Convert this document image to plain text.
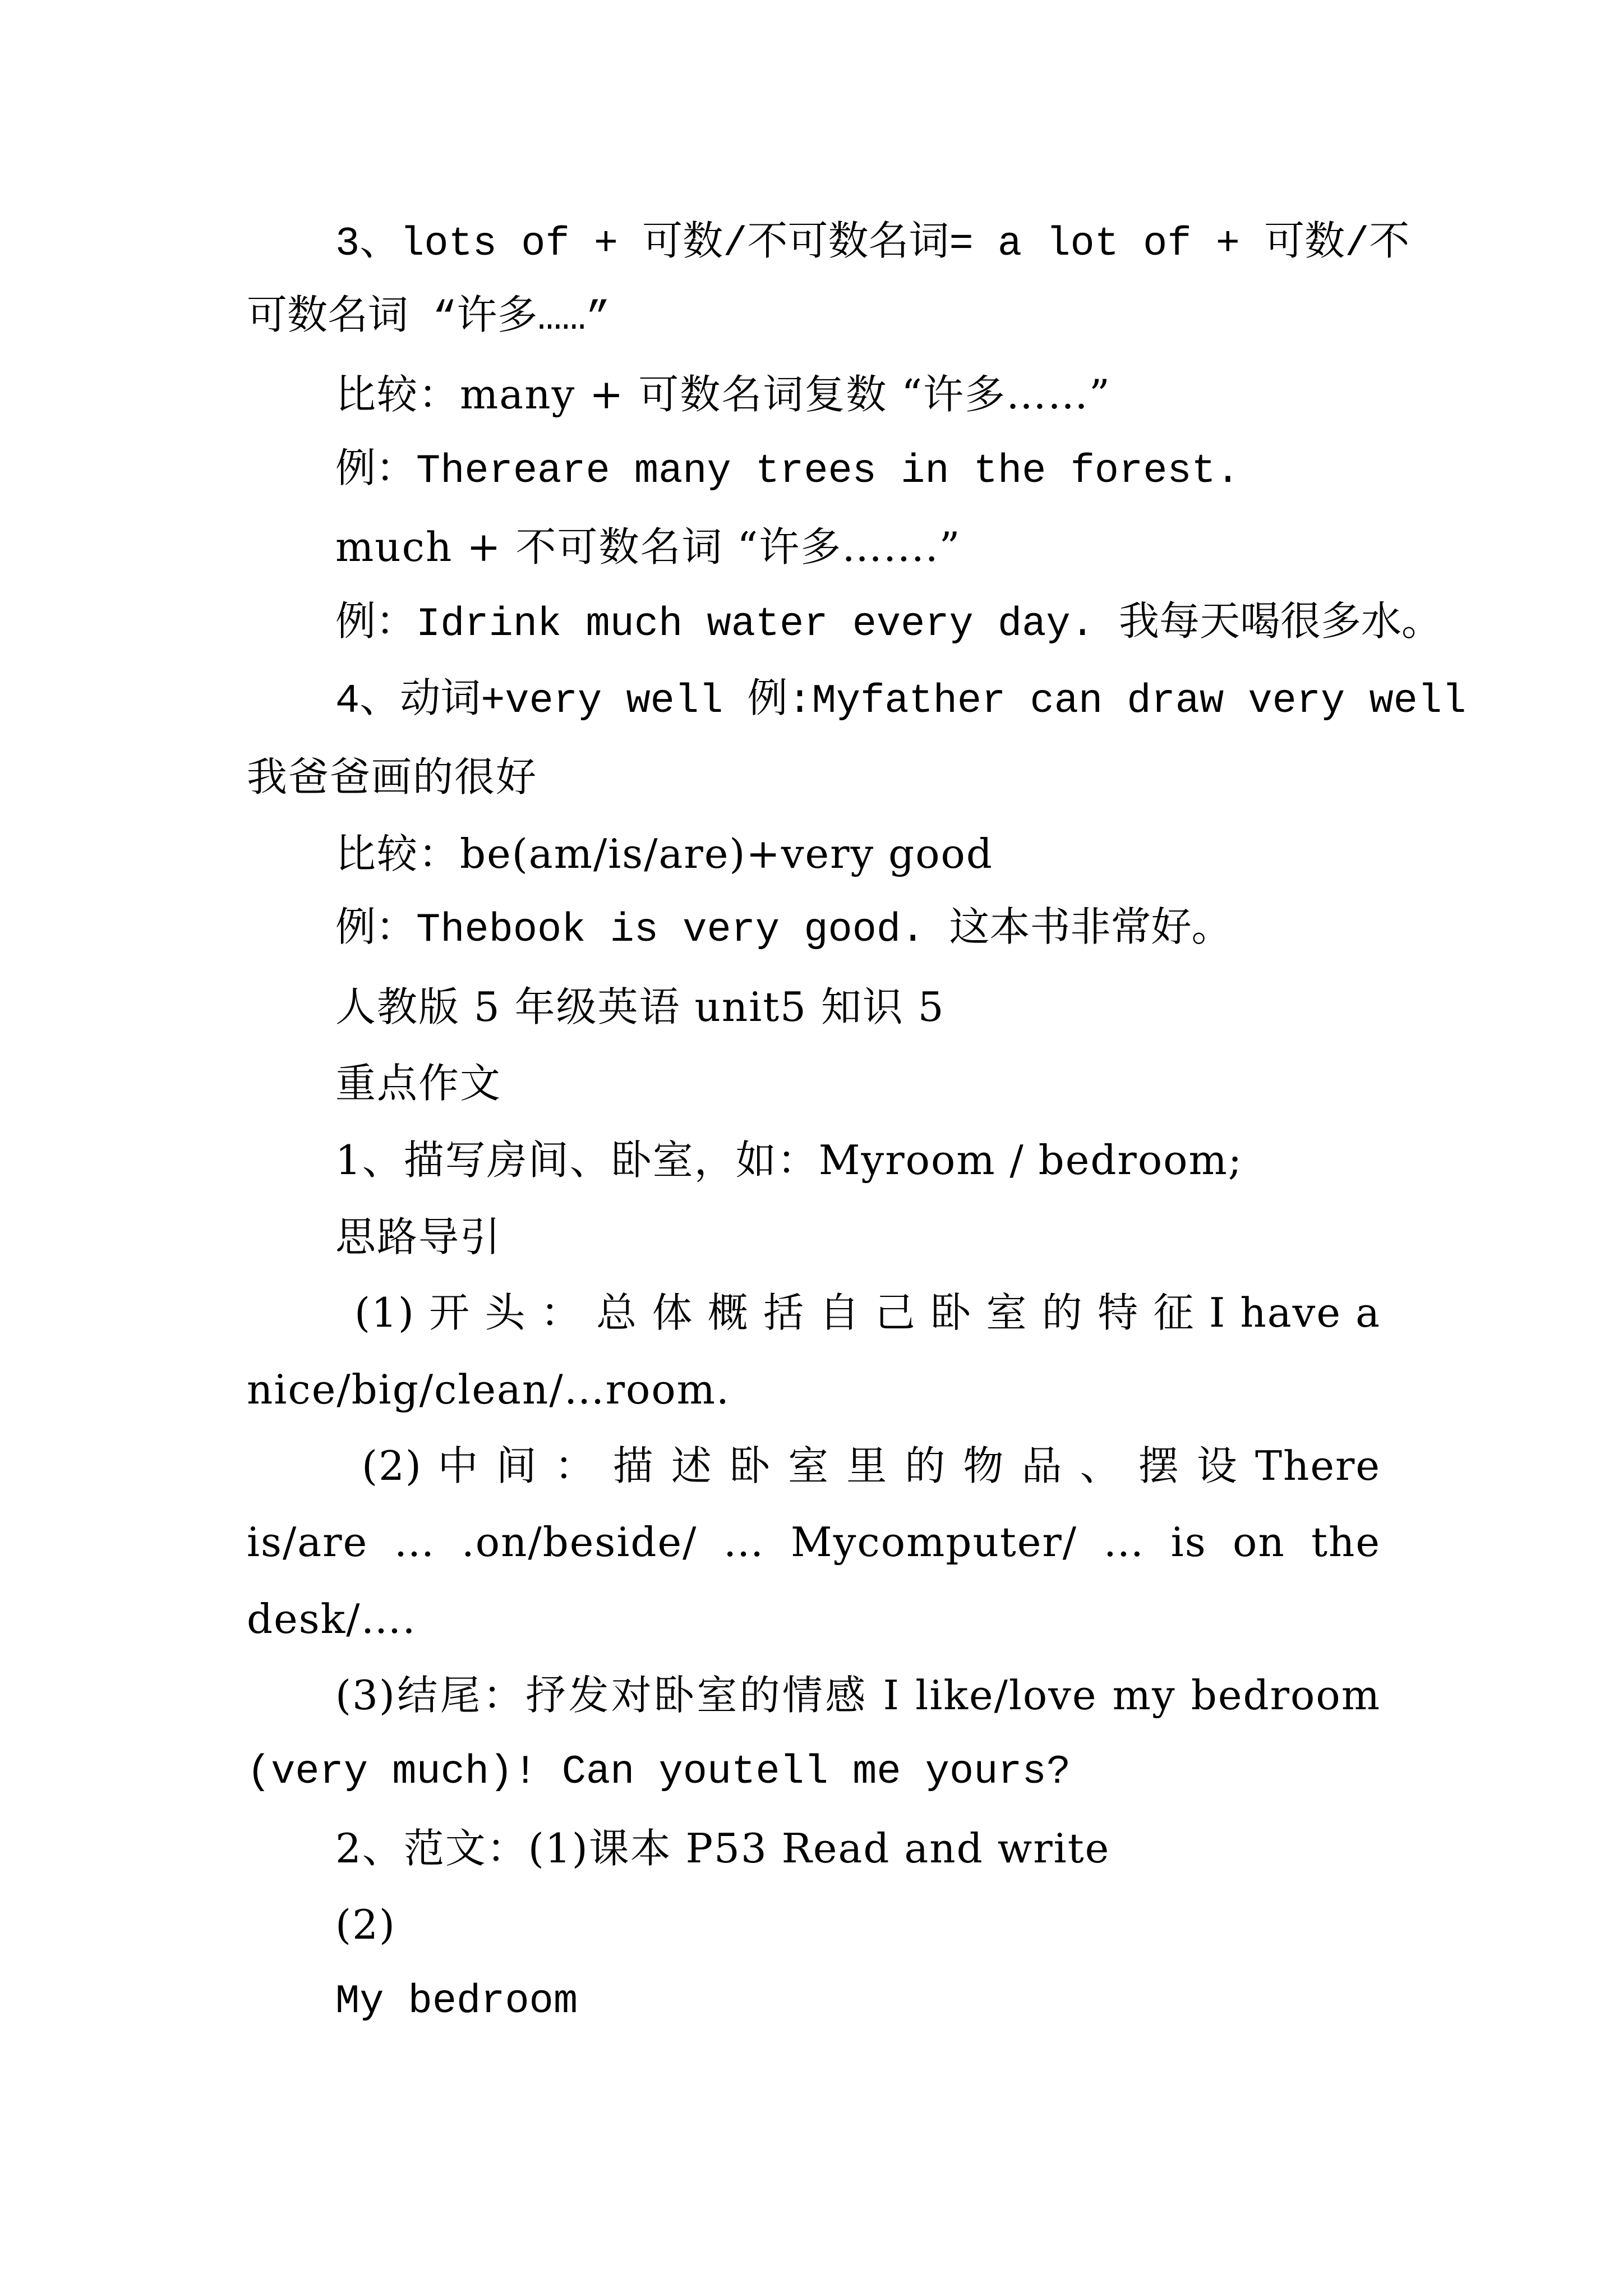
3、lots of + 可数/不可数名词= a lot of + 可数/不
可数名词 “许多……”
比较：many + 可数名词复数 “许多……”
例：Thereare many trees in the forest.
much + 不可数名词 “许多…....”
例：Idrink much water every day. 我每天喝很多水。
4、动词+very well 例:Myfather can draw very well
我爸爸画的很好
比较：be(am/is/are)+very good
例：Thebook is very good. 这本书非常好。
人教版 5 年级英语 unit5 知识 5
重点作文
1、描写房间、卧室，如：Myroom / bedroom;
思路导引
(1) 开 头 ： 总 体 概 括 自 己 卧 室 的 特 征 I have a
nice/big/clean/…room.
(2) 中 间 ： 描 述 卧 室 里 的 物 品 、 摆 设 There
is/are … .on/beside/ … Mycomputer/ … is on the
desk/….
(3)结尾：抒发对卧室的情感 I like/love my bedroom
(very much)! Can youtell me yours?
2、范文：(1)课本 P53 Read and write
(2)
My bedroom
